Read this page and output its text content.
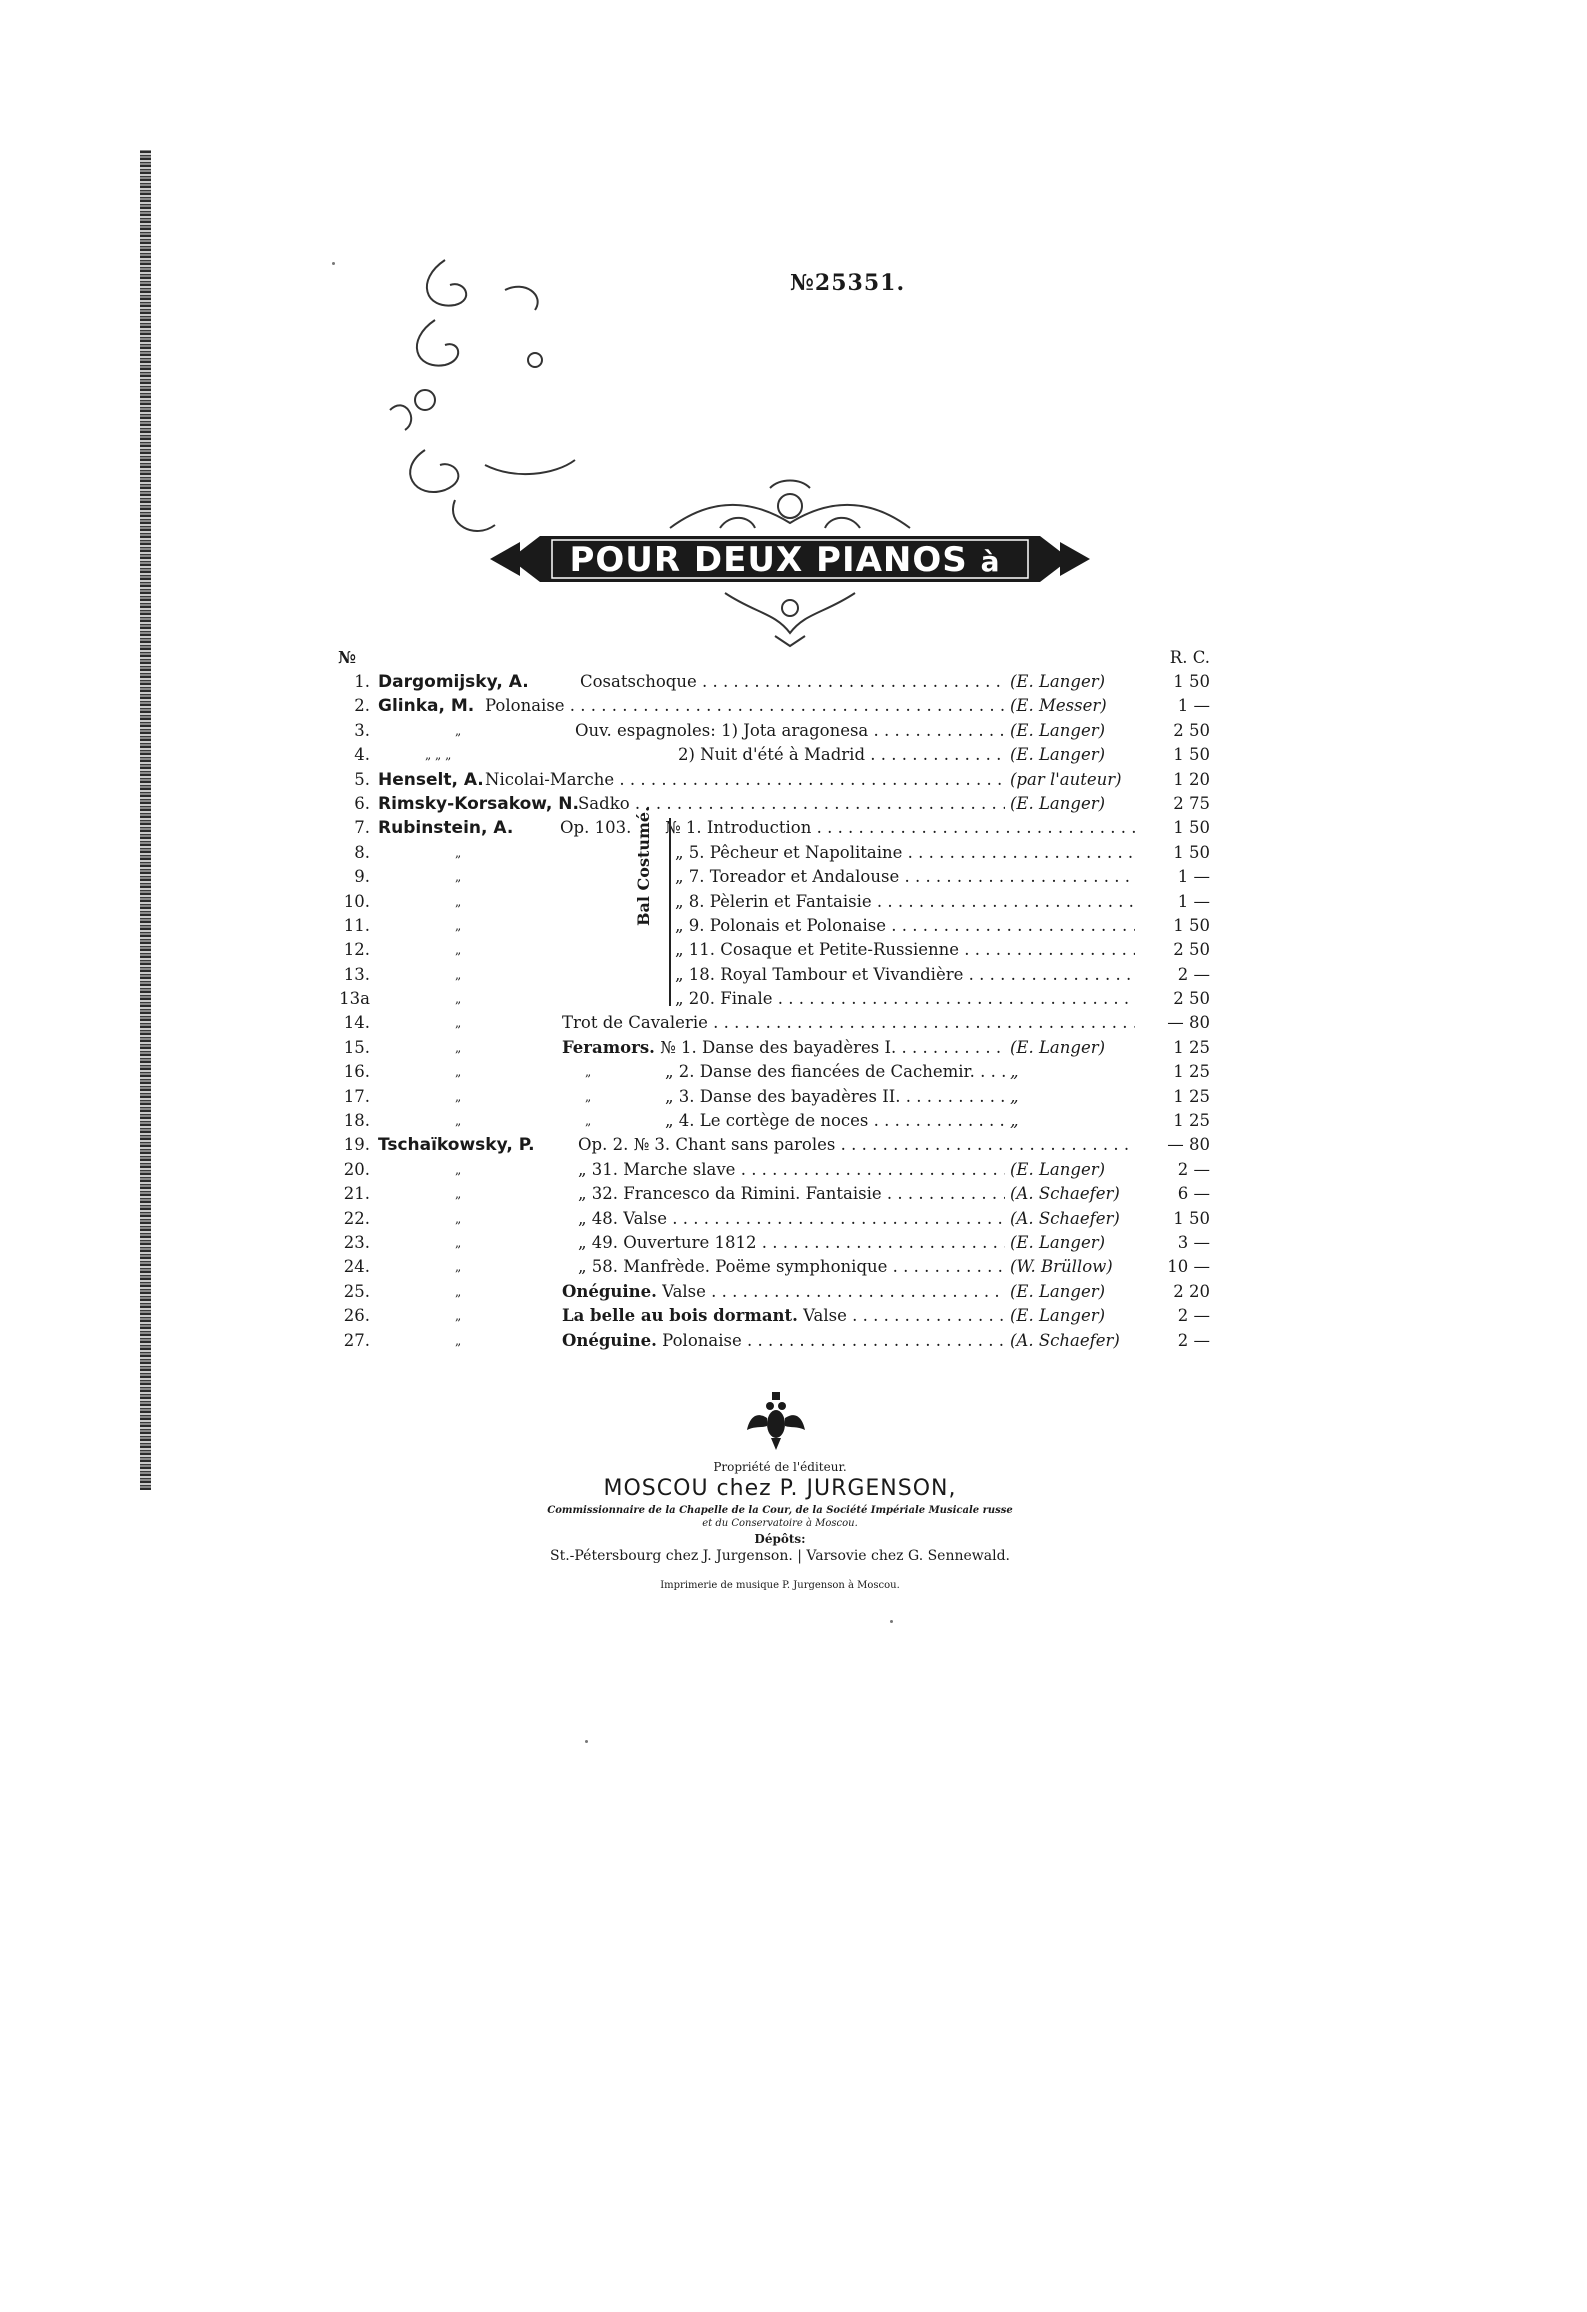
№25351.
POUR DEUX PIANOS à 8/ms
№	R. C.
1. Dargomijsky, A.	Cosatschoque . . .	(E. Langer)	1 50
2. Glinka, M. Polonaise . . .	(E. Messer)	1 —
3.	„	Ouv. espagnoles: 1) Jota aragonesa . . .	(E. Langer)	2 50
4.	„ „ „	2) Nuit d'été à Madrid . . .	(E. Langer)	1 50
5. Henselt, A. Nicolai-Marche . . .	(par l'auteur)	1 20
6. Rimsky-Korsakow, N. Sadko . . .	(E. Langer)	2 75
7. Rubinstein, A.	Op. 103. № 1. Introduction . . .	1 50
8.	„	„ 5. Pêcheur et Napolitaine . . .	1 50
9.	„	„ 7. Toreador et Andalouse . . .	1 —
10.	„	„ 8. Pèlerin et Fantaisie . . .	1 —
11.	„	„ 9. Polonais et Polonaise . . .	1 50
12.	„	„ 11. Cosaque et Petite-Russienne . . .	2 50
13.	„	„ 18. Royal Tambour et Vivandière . . .	2 —
13a	„	„ 20. Finale . . .	2 50
14.	„	Trot de Cavalerie . . .	— 80
15.	„	Feramors. № 1. Danse des bayadères I. . . .	(E. Langer)	1 25
16.	„	„	„ 2. Danse des fiancées de Cachemir. . . .	„	1 25
17.	„	„	„ 3. Danse des bayadères II. . . .	„	1 25
18.	„	„	„ 4. Le cortège de noces . . .	„	1 25
19. Tschaïkowsky, P.	Op. 2. № 3. Chant sans paroles . . .	— 80
20.	„	„ 31. Marche slave . . .	(E. Langer)	2 —
21.	„	„ 32. Francesco da Rimini. Fantaisie . . .	(A. Schaefer)	6 —
22.	„	„ 48. Valse . . .	(A. Schaefer)	1 50
23.	„	„ 49. Ouverture 1812 . . .	(E. Langer)	3 —
24.	„	„ 58. Manfrède. Poëme symphonique . . .	(W. Brüllow)	10 —
25.	„	Onéguine. Valse . . .	(E. Langer)	2 20
26.	„	La belle au bois dormant. Valse . . .	(E. Langer)	2 —
27.	„	Onéguine. Polonaise . . .	(A. Schaefer)	2 —
Bal Costumé.
Propriété de l'éditeur.
MOSCOU chez P. JURGENSON,
Commissionnaire de la Chapelle de la Cour, de la Société Impériale Musicale russe
et du Conservatoire à Moscou.
Dépôts:
St.-Pétersbourg chez J. Jurgenson. | Varsovie chez G. Sennewald.
Imprimerie de musique P. Jurgenson à Moscou.
